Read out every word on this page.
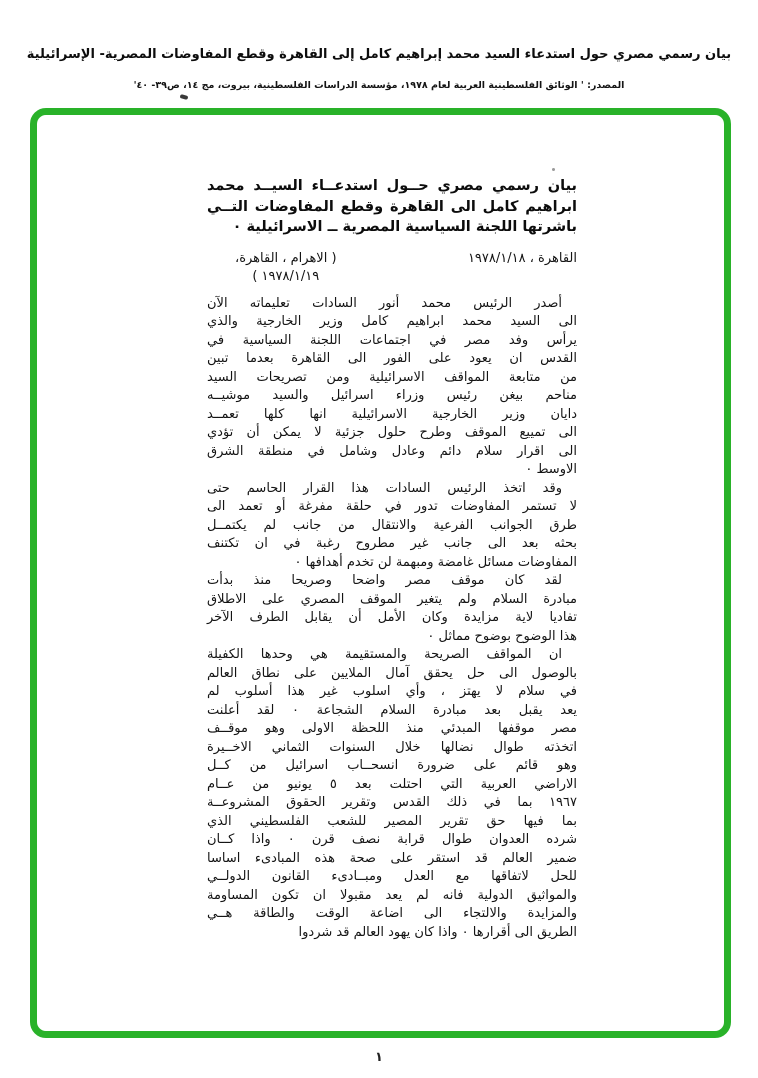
بيان رسمي مصري حول استدعاء السيد محمد إبراهيم كامل إلى القاهرة وقطع المفاوضات المصرية- الإسرائيلية
المصدر: ' الوثائق الفلسطينية العربية لعام ١٩٧٨، مؤسسة الدراسات الفلسطينية، بيروت، مج ١٤، ص٣٩- ٤٠'
بيان رسمي مصري حــول استدعــاء السيــد محمد
ابراهيم كامل الى القاهرة وقطع المفاوضات التــي
باشرتها اللجنة السياسية المصرية ــ الاسرائيلية ٠
القاهرة ، ١٩٧٨/١/١٨
( الاهرام ، القاهرة،
١٩٧٨/١/١٩ )
أصدر الرئيس محمد أنور السادات تعليماته الآن
الى السيد محمد ابراهيم كامل وزير الخارجية والذي
يرأس وفد مصر في اجتماعات اللجنة السياسية في
القدس ان يعود على الفور الى القاهرة بعدما تبين
من متابعة المواقف الاسرائيلية ومن تصريحات السيد
مناحم بيغن رئيس وزراء اسرائيل والسيد موشيــه
دايان وزير الخارجية الاسرائيلية انها كلها تعمــد
الى تمييع الموقف وطرح حلول جزئية لا يمكن أن تؤدي
الى اقرار سلام دائم وعادل وشامل في منطقة الشرق
الاوسط ٠
وقد اتخذ الرئيس السادات هذا القرار الحاسم حتى
لا تستمر المفاوضات تدور في حلقة مفرغة أو تعمد الى
طرق الجوانب الفرعية والانتقال من جانب لم يكتمــل
بحثه بعد الى جانب غير مطروح رغبة في ان تكتنف
المفاوضات مسائل غامضة ومبهمة لن تخدم أهدافها ٠
لقد كان موقف مصر واضحا وصريحا منذ بدأت
مبادرة السلام ولم يتغير الموقف المصري على الاطلاق
تفاديا لاية مزايدة وكان الأمل أن يقابل الطرف الآخر
هذا الوضوح بوضوح مماثل ٠
ان المواقف الصريحة والمستقيمة هي وحدها الكفيلة
بالوصول الى حل يحقق آمال الملايين على نطاق العالم
في سلام لا يهتز ، وأي اسلوب غير هذا أسلوب لم
يعد يقبل بعد مبادرة السلام الشجاعة ٠ لقد أعلنت
مصر موقفها المبدئي منذ اللحظة الاولى وهو موقــف
اتخذته طوال نضالها خلال السنوات الثماني الاخــيرة
وهو قائم على ضرورة انسحــاب اسرائيل من كــل
الاراضي العربية التي احتلت بعد ٥ يونيو من عــام
١٩٦٧ بما في ذلك القدس وتقرير الحقوق المشروعــة
بما فيها حق تقرير المصير للشعب الفلسطيني الذي
شرده العدوان طوال قرابة نصف قرن ٠ واذا كــان
ضمير العالم قد استقر على صحة هذه المبادىء اساسا
للحل لاتفاقها مع العدل ومبــادىء القانون الدولــي
والمواثيق الدولية فانه لم يعد مقبولا ان تكون المساومة
والمزايدة والالتجاء الى اضاعة الوقت والطاقة هــي
الطريق الى أقرارها ٠ واذا كان يهود العالم قد شردوا
١
